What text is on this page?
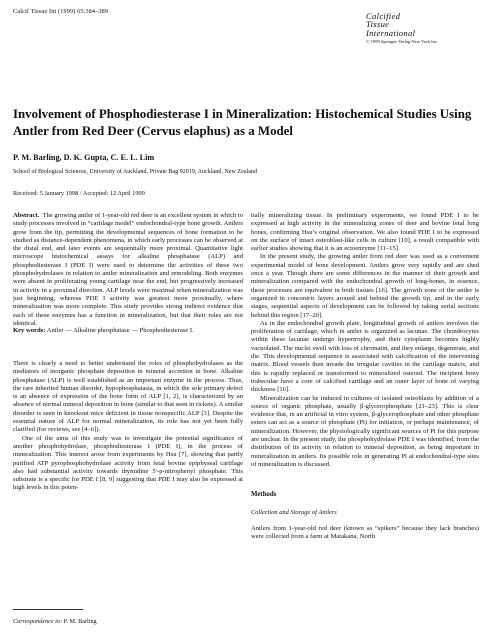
Calcif Tissue Int (1999) 65:384–389	Calcified
Tissue
International
© 1999 Springer-Verlag New York Inc.
Involvement of Phosphodiesterase I in Mineralization: Histochemical Studies Using Antler from Red Deer (Cervus elaphus) as a Model
P. M. Barling, D. K. Gupta, C. E. L. Lim
School of Biological Sciences, University of Auckland, Private Bag 92019, Auckland, New Zealand
Received: 5 January 1998 / Accepted: 12 April 1999

Abstract. The growing antler of 1-year-old red deer is an excellent system in which to study processes involved in “cartilage model” endochondral-type bone growth. Antlers grow from the tip, permitting the developmental sequences of bone formation to be studied as distance-dependent phenomena, in which early processes can be observed at the distal end, and later events are sequentially more proximal. Quantitative light microscope histochemical assays for alkaline phosphatase (ALP) and phosphodiesterase I (PDE I) were used to determine the activities of these two phosphohydrolases in relation to antler mineralization and remodeling. Both enzymes were absent in proliferating young cartilage near the end, but progressively increased in activity in a proximal direction. ALP levels were maximal when mineralization was just beginning, whereas PDE I activity was greatest more proximally, where mineralization was more complete. This study provides strong indirect evidence that each of these enzymes has a function in mineralization, but that their roles are not identical.

Key words: Antler — Alkaline phosphatase — Phosphodiesterase I.

There is clearly a need to better understand the roles of phosphohydrolases as the mediators of inorganic phosphate deposition in mineral accretion in bone. Alkaline phosphatase (ALP) is well established as an important enzyme in the process. Thus, the rare inherited human disorder, hypophosphatasia, in which the sole primary defect is an absence of expression of the bone form of ALP [1, 2], is characterized by an absence of normal mineral deposition in bone (similar to that seen in rickets). A similar disorder is seen in knockout mice deficient in tissue nonspecific ALP [3]. Despite the essential nature of ALP for normal mineralization, its role has not yet been fully clarified (for reviews, see [4–6]).

One of the aims of this study was to investigate the potential significance of another phosphohydrolase, phosphodiesterase I (PDE I), in the process of mineralization. This interest arose from experiments by Hsu [7], showing that partly purified ATP pyrophosphohydrolase activity from fetal bovine epiphyseal cartilage also had substantial activity towards thymidine 5′-p-nitrophenyl phosphate. This substrate is a specific for PDE I [8, 9] suggesting that PDE I may also be expressed at high levels in this poten-

tially mineralizing tissue. In preliminary experiments, we found PDE I to be expressed at high activity in the mineralizing zones of deer and bovine fetal long bones, confirming Hsu’s original observation. We also found PDE I to be expressed on the surface of intact osteoblast-like cells in culture [10], a result compatible with earlier studies showing that it is an ectoenzyme [11–15].

In the present study, the growing antler from red deer was used as a convenient experimental model of bone development. Antlers grow very rapidly and are shed once a year. Though there are some differences in the manner of their growth and mineralization compared with the endochondral growth of long-bones, in essence, these processes are equivalent in both tissues [16]. The growth zone of the antler is organized in concentric layers around and behind the growth tip, and in the early stages, sequential aspects of development can be followed by taking serial sections behind this region [17–20].

As in the endochondral growth plate, longitudinal growth of antlers involves the proliferation of cartilage, which in antler is organized as lacunae. The chondrocytes within these lacunae undergo hypertrophy, and their cytoplasm becomes highly vacuolated. The nuclei swell with loss of chromatin, and they enlarge, degenerate, and die. This developmental sequence is associated with calcification of the intervening matrix. Blood vessels then invade the irregular cavities in the cartilage matrix, and this is rapidly replaced or transformed to mineralized osteoid. The incipient bony trabeculae have a core of calcified cartilage and an outer layer of bone of varying thickness [16].

Mineralization can be induced in cultures of isolated osteoblasts by addition of a source of organic phosphate, usually β-glycerophosphate [21–23]. This is clear evidence that, in an artificial in vitro system, β-glycerophosphate and other phosphate esters can act as a source of phosphate (Pi) for initiation, or perhaps maintenance, of mineralization. However, the physiologically significant sources of Pi for this purpose are unclear. In the present study, the phosphohydrolase PDE I was identified, from the distribution of its activity in relation to mineral deposition, as being important in mineralization in antlers. Its possible role in generating Pi at endochondral-type sites of mineralization is discussed.

Methods

Collection and Storage of Antlers

Antlers from 1-year-old red deer (known as “spikers” because they lack branches) were collected from a farm at Matakana, North

Correspondence to: P. M. Barling
